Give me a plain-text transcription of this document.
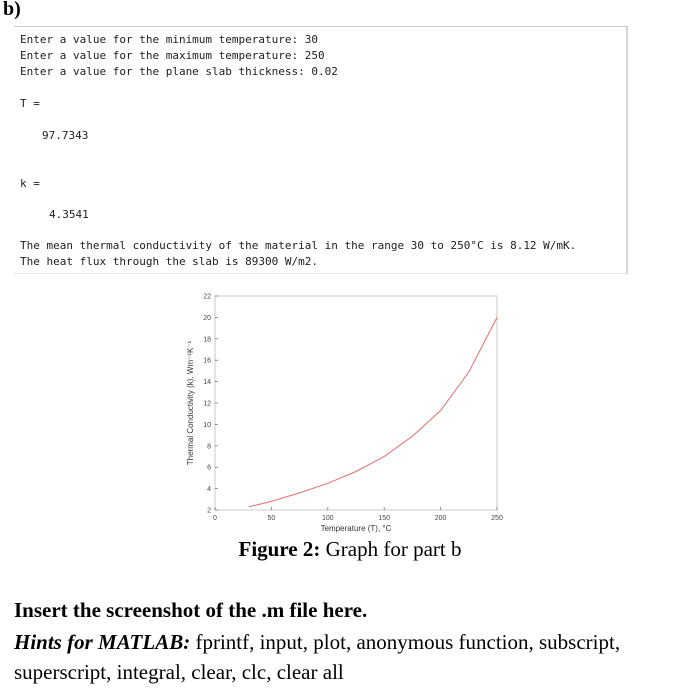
b)
Enter a value for the minimum temperature: 30
Enter a value for the maximum temperature: 250
Enter a value for the plane slab thickness: 0.02
T =
97.7343
k =
4.3541
The mean thermal conductivity of the material in the range 30 to 250°C is 8.12 W/mK.
The heat flux through the slab is 89300 W/m2.
0	50	100	150	200	250
2
4
6
8
10
12
14
16
18
20
22
Temperature (T), °C
Thermal Conductivity (k), Wm⁻¹K⁻¹
Figure 2: Graph for part b
Insert the screenshot of the .m file here.
Hints for MATLAB: fprintf, input, plot, anonymous function, subscript, superscript, integral, clear, clc, clear all
